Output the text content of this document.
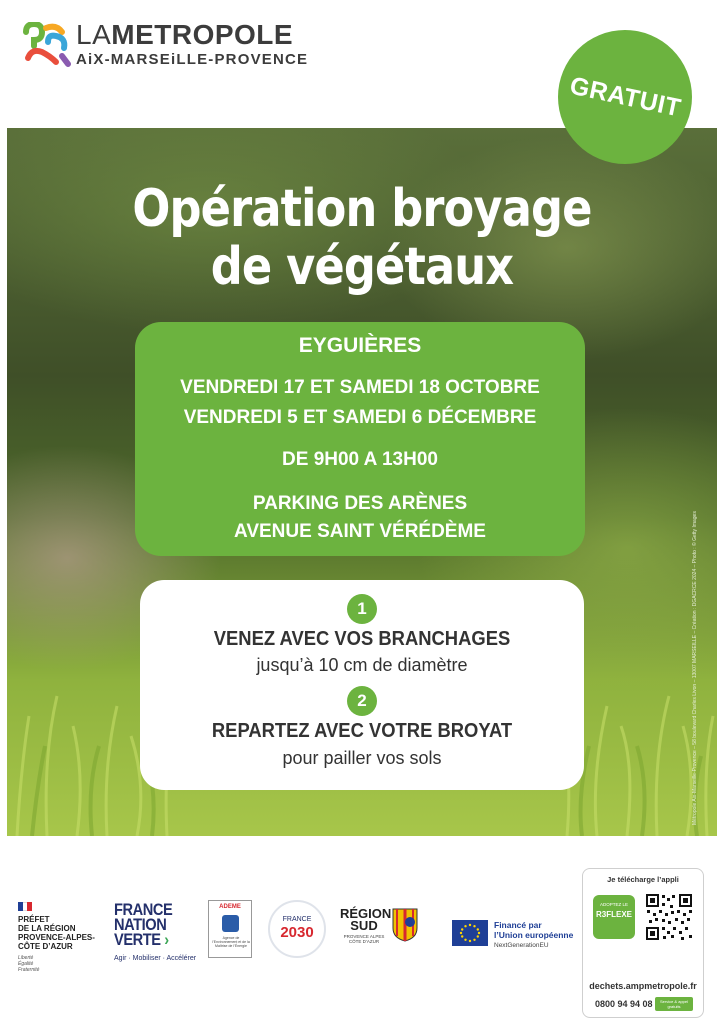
LAMETROPOLE
AiX-MARSEiLLE-PROVENCE
GRATUIT
Opération broyage
de végétaux
EYGUIÈRES
VENDREDI 17 ET SAMEDI 18 OCTOBRE
VENDREDI 5 ET SAMEDI 6 DÉCEMBRE
DE 9H00 A 13H00
PARKING DES ARÈNES
AVENUE SAINT VÉRÉDÈME
1
VENEZ AVEC VOS BRANCHAGES
jusqu’à 10 cm de diamètre
2
REPARTEZ AVEC VOTRE BROYAT
pour pailler vos sols	Métropole Aix-Marseille-Provence – 58 boulevard Charles Livon – 13007 MARSEILLE – Création : DGACRCE 2024 – Photo : © Getty Images
PRÉFET
DE LA RÉGION
PROVENCE-ALPES-
CÔTE D’AZUR
Liberté
Égalité
Fraternité
FRANCE
NATION
VERTE ›
Agir · Mobiliser · Accélérer
ADEME
Agence de l’Environnement et de la Maîtrise de l’Énergie
FRANCE
2030
RÉGION SUD
PROVENCE ALPES CÔTE D’AZUR
Financé par
l’Union européenne
NextGenerationEU
Je télécharge l’appli
ADOPTEZ LE
R3FLEXE
dechets.ampmetropole.fr
0800 94 94 08	Service & appel gratuits
